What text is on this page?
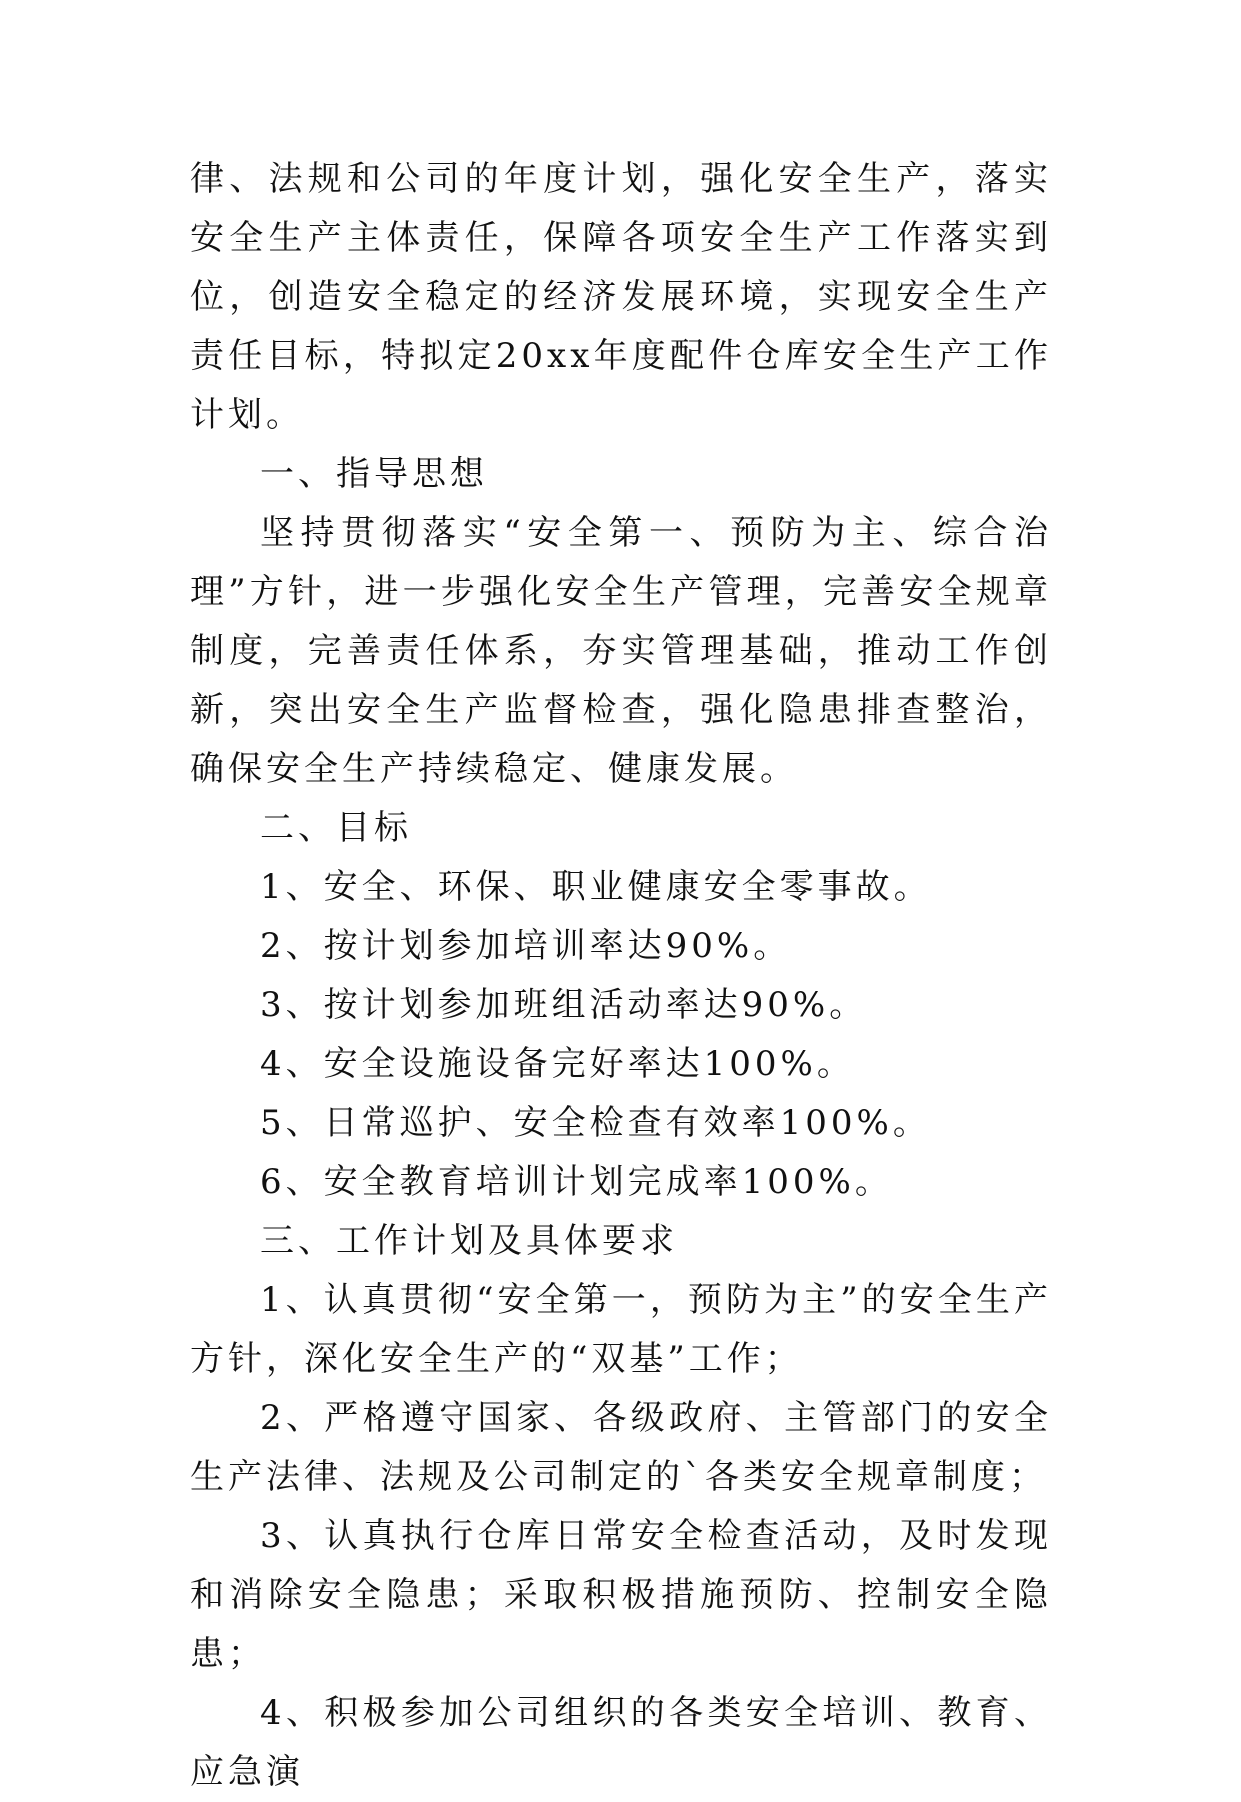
律、法规和公司的年度计划，强化安全生产，落实安全生产主体责任，保障各项安全生产工作落实到位，创造安全稳定的经济发展环境，实现安全生产责任目标，特拟定20xx年度配件仓库安全生产工作计划。

一、指导思想

坚持贯彻落实“安全第一、预防为主、综合治理”方针，进一步强化安全生产管理，完善安全规章制度，完善责任体系，夯实管理基础，推动工作创新，突出安全生产监督检查，强化隐患排查整治，确保安全生产持续稳定、健康发展。

二、目标

1、安全、环保、职业健康安全零事故。

2、按计划参加培训率达90%。

3、按计划参加班组活动率达90%。

4、安全设施设备完好率达100%。

5、日常巡护、安全检查有效率100%。

6、安全教育培训计划完成率100%。

三、工作计划及具体要求

1、认真贯彻“安全第一，预防为主”的安全生产方针，深化安全生产的“双基”工作；

2、严格遵守国家、各级政府、主管部门的安全生产法律、法规及公司制定的`各类安全规章制度；

3、认真执行仓库日常安全检查活动，及时发现和消除安全隐患；采取积极措施预防、控制安全隐患；

4、积极参加公司组织的各类安全培训、教育、应急演
